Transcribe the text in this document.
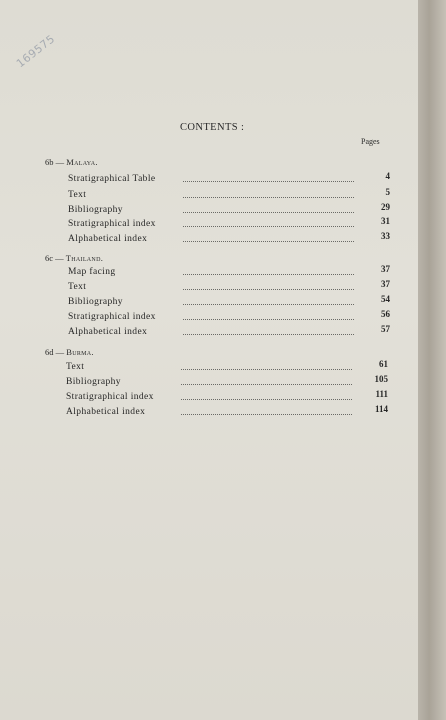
169575
CONTENTS :
Pages
6b — Malaya.
Stratigraphical Table	4
Text	5
Bibliography	29
Stratigraphical index	31
Alphabetical index	33
6c — Thailand.
Map facing	37
Text	37
Bibliography	54
Stratigraphical index	56
Alphabetical index	57
6d — Burma.
Text	61
Bibliography	105
Stratigraphical index	111
Alphabetical index	114
